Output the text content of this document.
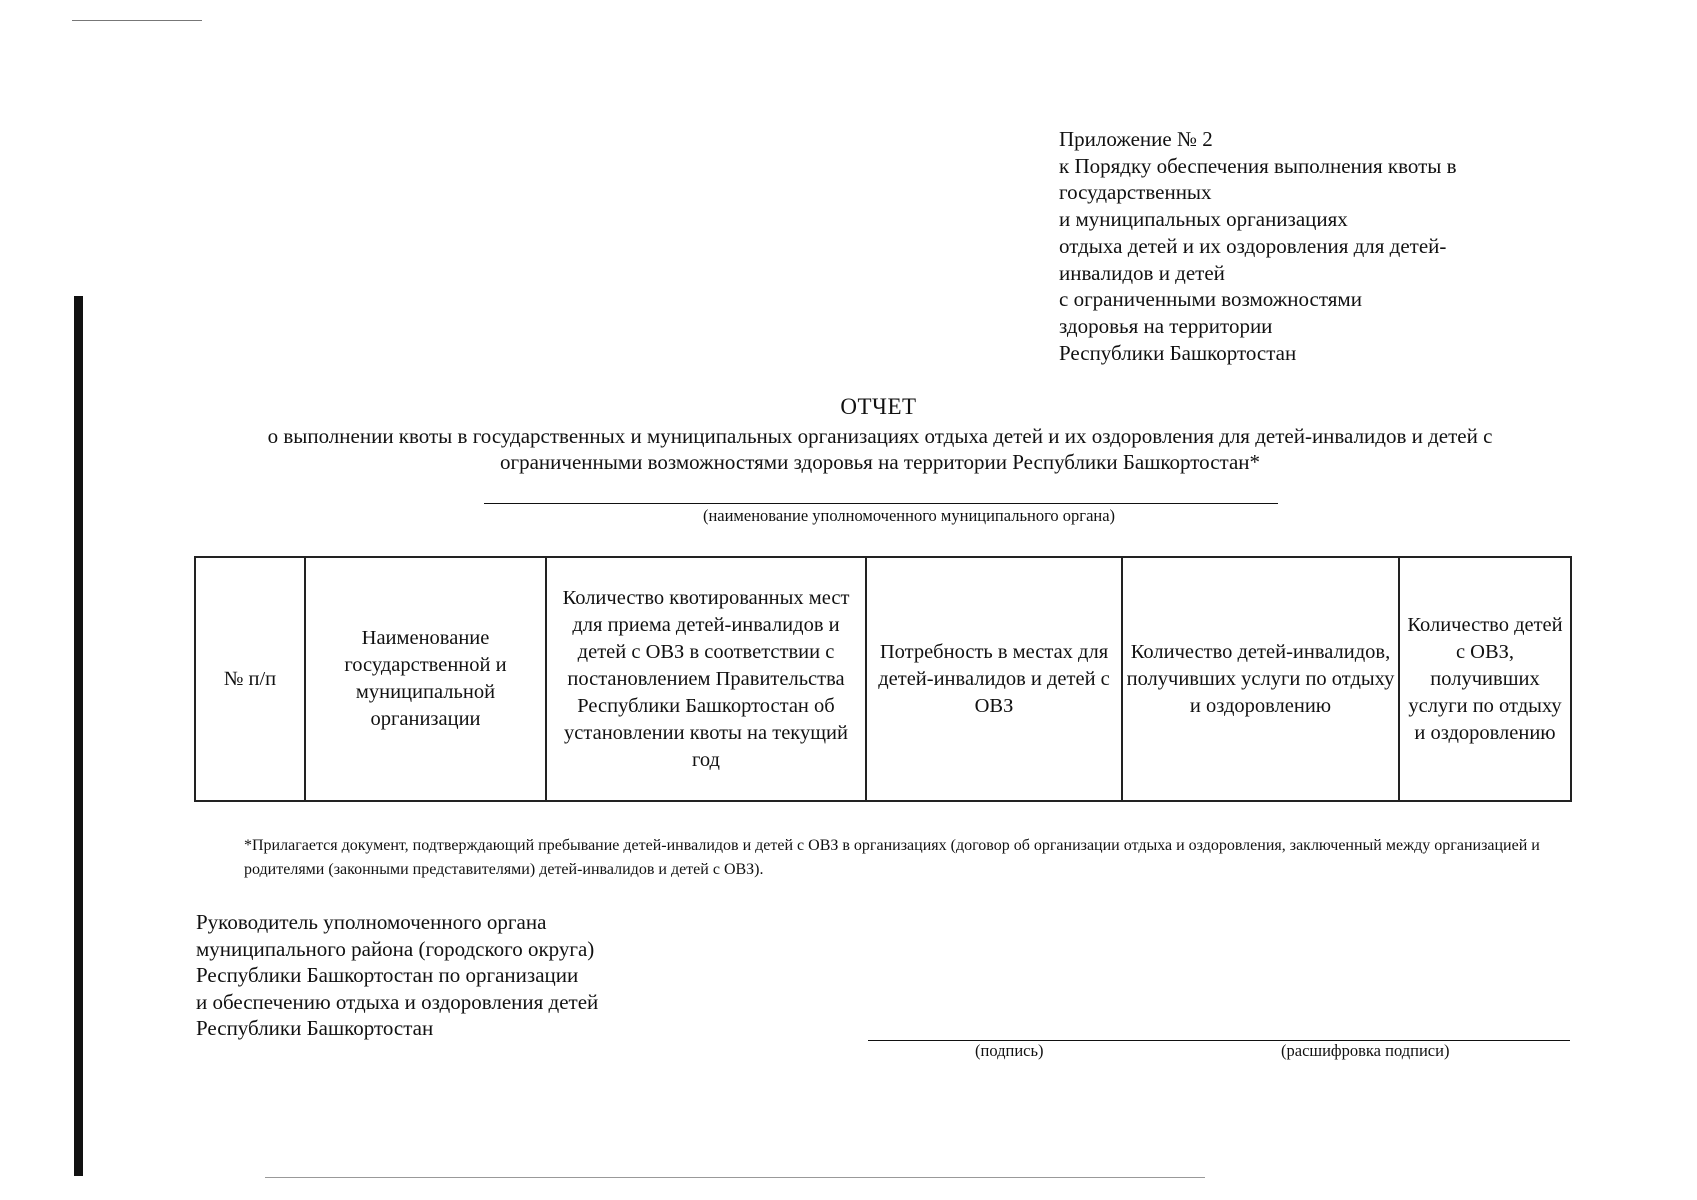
Приложение № 2
к Порядку обеспечения выполнения квоты в
государственных
и муниципальных организациях
отдыха детей и их оздоровления для детей-
инвалидов и детей
с ограниченными возможностями
здоровья на территории
Республики Башкортостан
ОТЧЕТ
о выполнении квоты в государственных и муниципальных организациях отдыха детей и их оздоровления для детей-инвалидов и детей с ограниченными возможностями здоровья на территории Республики Башкортостан*
(наименование уполномоченного муниципального органа)
№ п/п	Наименование государственной и муниципальной организации	Количество квотированных мест для приема детей-инвалидов и детей с ОВЗ в соответствии с постановлением Правительства Республики Башкортостан об установлении квоты на текущий год	Потребность в местах для детей-инвалидов и детей с ОВЗ	Количество детей-инвалидов, получивших услуги по отдыху и оздоровлению	Количество детей с ОВЗ, получивших услуги по отдыху и оздоровлению
*Прилагается документ, подтверждающий пребывание детей-инвалидов и детей с ОВЗ в организациях (договор об организации отдыха и оздоровления, заключенный между организацией и родителями (законными представителями) детей-инвалидов и детей с ОВЗ).
Руководитель уполномоченного органа
муниципального района (городского округа)
Республики Башкортостан по организации
и обеспечению отдыха и оздоровления детей
Республики Башкортостан
(подпись)	(расшифровка подписи)
